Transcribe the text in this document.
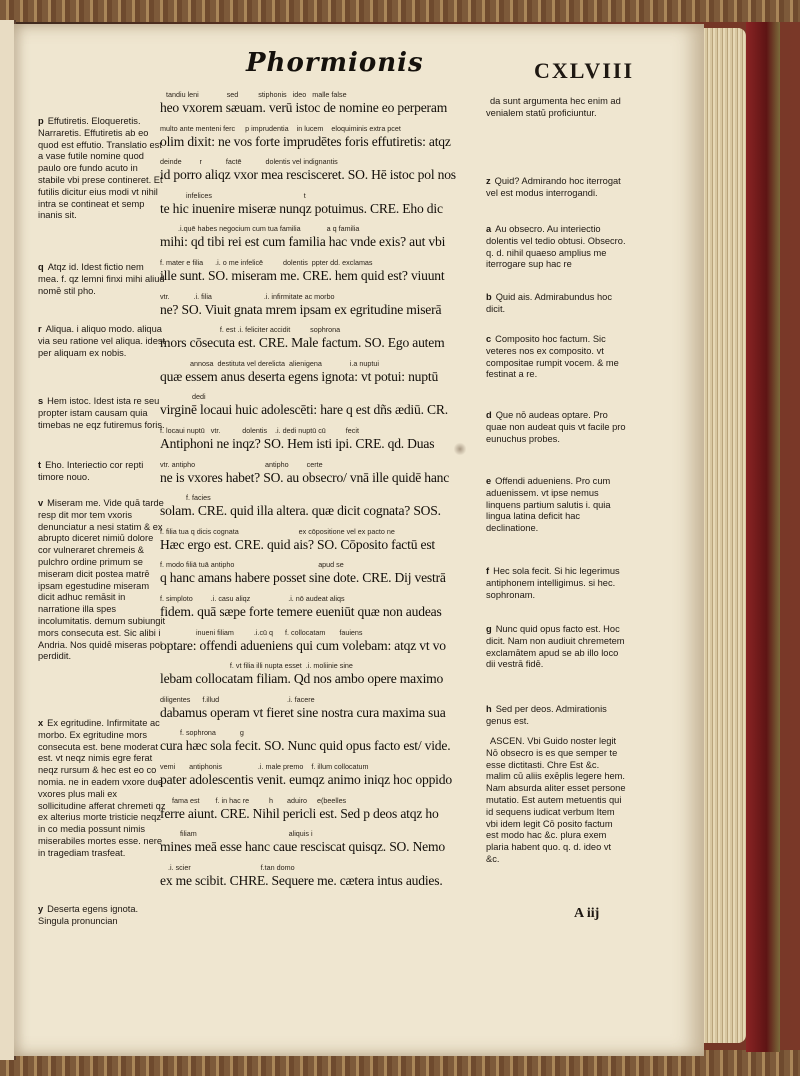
Phormionis	CXLVIII
p Effutiretis. Eloqueretis. Narraretis. Effutiretis ab eo quod est effutio. Translatio est a vase futile nomine quod paulo ore fundo acuto in stabile vbi prese contineret. Et futilis dicitur eius modi vt nihil intra se contineat et semp inanis sit.
q Atqz id. Idest fictio nem mea. f. qz lemni finxi mihi aliud nomē stil pho.
r Aliqua. i aliquo modo. aliqua via seu ratione vel aliqua. idest per aliquam ex nobis.
s Hem istoc. Idest ista re seu propter istam causam quia timebas ne eqz futiremus foris.
t Eho. Interiectio cor repti timore nouo.
v Miseram me. Vide quā tarde resp dit mor tem vxoris denunciatur a nesi statim & ex abrupto diceret nimiū dolore cor vulneraret chremeis & pulchro ordine primum se miseram dicit postea matrē ipsam egestudine miseram dicit adhuc remāsit in narratione illa spes incolumitatis. demum subiungit mors consecuta est. Sic alibi i Andria. Nos quidē miseras pol perdidit.
x Ex egritudine. Infirmitate ac morbo. Ex egritudine mors consecuta est. bene moderat est. vt neqz nimis egre ferat neqz rursum & hec est eo co nomia. ne in eadem vxore due vxores plus mali ex sollicitudine afferat chremeti qz ex alterius morte tristicie neqz in co media possunt nimis miserabiles mortes esse. nere in tragediam trasfeat.
y Deserta egens ignota. Singula pronuncian
tandiu leni              sed          stiphonis   ideo   malle false
heo vxorem sæuam. verū istoc de nomine eo perperam
multo ante menteni ferc     p imprudentia    in lucem    eloquiminis extra pcet
olim dixit: ne vos forte imprudētes foris effutiretis: atqz
deinde         r            factē            dolentis vel indignantis
id porro aliqz vxor mea rescisceret. SO. Hē istoc pol nos
infelices                                              t
te hic inuenire miseræ nunqz potuimus. CRE. Eho dic
.i.quē habes negocium cum tua familia             a q familia
mihi: qd tibi rei est cum familia hac vnde exis? aut vbi
f. mater e filia      .i. o me infelicē          dolentis  ppter dd. exclamas
ille sunt. SO. miseram me. CRE. hem quid est? viuunt
vtr.            .i. filia                          .i. infirmitate ac morbo
ne? SO. Viuit gnata mrem ipsam ex egritudine miserā
f. est .i. feliciter accidit          sophrona
mors cōsecuta est. CRE. Male factum. SO. Ego autem
annosa  destituta vel derelicta  alienigena              i.a nuptui
quæ essem anus deserta egens ignota: vt potui: nuptū
dedi
virginē locaui huic adolescēti: hare q est dñs ædiū. CR.
f. locaui nuptū   vtr.           dolentis    .i. dedi nuptū cū          fecit
Antiphoni ne inqz? SO. Hem isti ipi. CRE. qd. Duas
vtr. antipho                                   antipho         certe
ne is vxores habet? SO. au obsecro/ vnā ille quidē hanc
f. facies
solam. CRE. quid illa altera. quæ dicit cognata? SOS.
f. filia tua q dicis cognata                              ex cōpositione vel ex pacto ne
Hæc ergo est. CRE. quid ais? SO. Cōposito factū est
f. modo filiā tuā antipho                                          apud se
q hanc amans habere posset sine dote. CRE. Dij vestrā
f. simploto         .i. casu aliqz                   .i. nō audeat aliqs
fidem. quā sæpe forte temere eueniūt quæ non audeas
inueni filiam          .i.cū q      f. collocatam       fauiens
optare: offendi adueniens qui cum volebam: atqz vt vo
f. vt filia illi nupta esset  .i. moliinie sine
lebam collocatam filiam. Qd nos ambo opere maximo
diligentes      f.illud                                  .i. facere
dabamus operam vt fieret sine nostra cura maxima sua
f. sophrona            g
cura hæc sola fecit. SO. Nunc quid opus facto est/ vide.
vemi       antiphonis                  .i. male premo    f. illum collocatum
pater adolescentis venit. eumqz animo iniqz hoc oppido
fama est        f. in hac re          h       aduiro     e(beelles
ferre aiunt. CRE. Nihil pericli est. Sed p deos atqz ho
filiam                                              aliquis i
mines meā esse hanc caue resciscat quisqz. SO. Nemo
.i. scier                                   f.tan domo
ex me scibit. CHRE. Sequere me. cætera intus audies.
da sunt argumenta hec enim ad venialem statū proficiuntur.
z Quid? Admirando hoc iterrogat vel est modus interrogandi.
a Au obsecro. Au interiectio dolentis vel tedio obtusi. Obsecro. q. d. nihil quaeso amplius me iterrogare sup hac re
b Quid ais. Admirabundus hoc dicit.
c Composito hoc factum. Sic veteres nos ex composito. vt compositae rumpit vocem. & me festinat a re.
d Que nō audeas optare. Pro quae non audeat quis vt facile pro eunuchus probes.
e Offendi adueniens. Pro cum aduenissem. vt ipse nemus linquens partium salutis i. quia lingua latina deficit hac declinatione.
f Hec sola fecit. Si hic legerimus antiphonem intelligimus. si hec. sophronam.
g Nunc quid opus facto est. Hoc dicit. Nam non audiuit chremetem exclamātem apud se ab illo loco dii vestrā fidē.
h Sed per deos. Admirationis genus est.
ASCEN. Vbi Guido noster legit Nō obsecro is es que semper te esse dictitasti. Chre Est &c. malim cū aliis exēplis legere hem. Nam absurda aliter esset persone mutatio. Est autem metuentis qui id sequens iudicat verbum Item vbi idem legit Cō posito factum est modo hac &c. plura exem plaria habent quo. q. d. ideo vt &c.
A iij
